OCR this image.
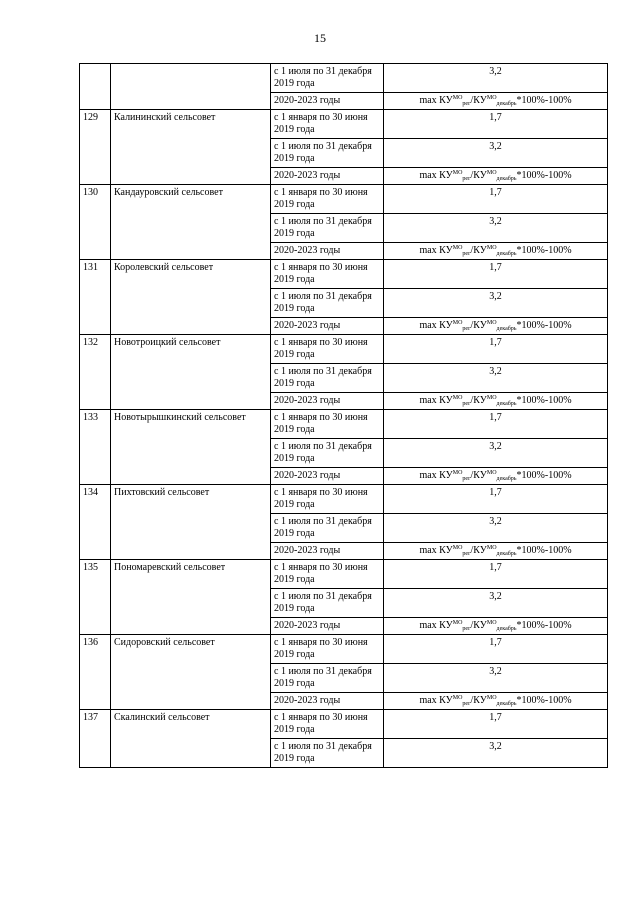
15
		с 1 июля по 31 декабря 2019 года	3,2
		2020-2023 годы	$\max КУ^{МО}_{рег}/КУ^{МО}_{декабрь}*100\%-100\%$
129	Калининский сельсовет	с 1 января по 30 июня 2019 года	1,7
		с 1 июля по 31 декабря 2019 года	3,2
		2020-2023 годы	$\max КУ^{МО}_{рег}/КУ^{МО}_{декабрь}*100\%-100\%$
130	Кандауровский сельсовет	с 1 января по 30 июня 2019 года	1,7
		с 1 июля по 31 декабря 2019 года	3,2
		2020-2023 годы	$\max КУ^{МО}_{рег}/КУ^{МО}_{декабрь}*100\%-100\%$
131	Королевский сельсовет	с 1 января по 30 июня 2019 года	1,7
		с 1 июля по 31 декабря 2019 года	3,2
		2020-2023 годы	$\max КУ^{МО}_{рег}/КУ^{МО}_{декабрь}*100\%-100\%$
132	Новотроицкий сельсовет	с 1 января по 30 июня 2019 года	1,7
		с 1 июля по 31 декабря 2019 года	3,2
		2020-2023 годы	$\max КУ^{МО}_{рег}/КУ^{МО}_{декабрь}*100\%-100\%$
133	Новотырышкинский сельсовет	с 1 января по 30 июня 2019 года	1,7
		с 1 июля по 31 декабря 2019 года	3,2
		2020-2023 годы	$\max КУ^{МО}_{рег}/КУ^{МО}_{декабрь}*100\%-100\%$
134	Пихтовский сельсовет	с 1 января по 30 июня 2019 года	1,7
		с 1 июля по 31 декабря 2019 года	3,2
		2020-2023 годы	$\max КУ^{МО}_{рег}/КУ^{МО}_{декабрь}*100\%-100\%$
135	Пономаревский сельсовет	с 1 января по 30 июня 2019 года	1,7
		с 1 июля по 31 декабря 2019 года	3,2
		2020-2023 годы	$\max КУ^{МО}_{рег}/КУ^{МО}_{декабрь}*100\%-100\%$
136	Сидоровский сельсовет	с 1 января по 30 июня 2019 года	1,7
		с 1 июля по 31 декабря 2019 года	3,2
		2020-2023 годы	$\max КУ^{МО}_{рег}/КУ^{МО}_{декабрь}*100\%-100\%$
137	Скалинский сельсовет	с 1 января по 30 июня 2019 года	1,7
		с 1 июля по 31 декабря 2019 года	3,2
